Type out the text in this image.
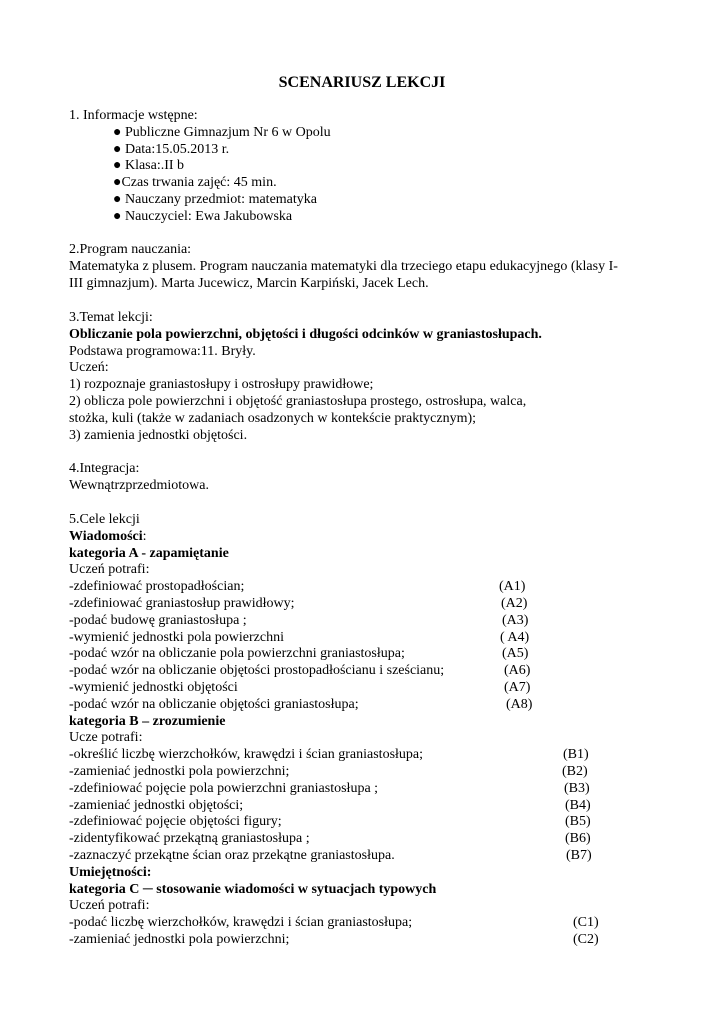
SCENARIUSZ LEKCJI
1. Informacje wstępne:
● Publiczne Gimnazjum Nr 6 w Opolu
● Data:15.05.2013 r.
● Klasa:.II b
●Czas trwania zajęć: 45 min.
● Nauczany przedmiot: matematyka
● Nauczyciel: Ewa Jakubowska
2.Program nauczania:
Matematyka z plusem. Program nauczania matematyki dla trzeciego etapu edukacyjnego (klasy I-
III gimnazjum). Marta Jucewicz, Marcin Karpiński, Jacek Lech.
3.Temat lekcji:
Obliczanie pola powierzchni, objętości i długości odcinków w graniastosłupach.
Podstawa programowa:11. Bryły.
Uczeń:
1) rozpoznaje graniastosłupy i ostrosłupy prawidłowe;
2) oblicza pole powierzchni i objętość graniastosłupa prostego, ostrosłupa, walca,
stożka, kuli (także w zadaniach osadzonych w kontekście praktycznym);
3) zamienia jednostki objętości.
4.Integracja:
Wewnątrzprzedmiotowa.
5.Cele lekcji
Wiadomości:
kategoria A - zapamiętanie
Uczeń potrafi:
-zdefiniować prostopadłościan;	(A1)
-zdefiniować graniastosłup prawidłowy;	(A2)
-podać budowę graniastosłupa ;	(A3)
-wymienić jednostki pola powierzchni	( A4)
-podać wzór na obliczanie pola powierzchni graniastosłupa;	(A5)
-podać wzór na obliczanie objętości prostopadłościanu i sześcianu;	(A6)
-wymienić jednostki objętości	(A7)
-podać wzór na obliczanie objętości graniastosłupa;	(A8)
kategoria B – zrozumienie
Ucze potrafi:
-określić liczbę wierzchołków, krawędzi i ścian graniastosłupa;	(B1)
-zamieniać jednostki pola powierzchni;	(B2)
-zdefiniować pojęcie pola powierzchni graniastosłupa ;	(B3)
-zamieniać jednostki objętości;	(B4)
-zdefiniować pojęcie objętości figury;	(B5)
-zidentyfikować przekątną graniastosłupa ;	(B6)
-zaznaczyć przekątne ścian oraz przekątne graniastosłupa.	(B7)
Umiejętności:
kategoria C ─ stosowanie wiadomości w sytuacjach typowych
Uczeń potrafi:
-podać liczbę wierzchołków, krawędzi i ścian graniastosłupa;	(C1)
-zamieniać jednostki pola powierzchni;	(C2)
